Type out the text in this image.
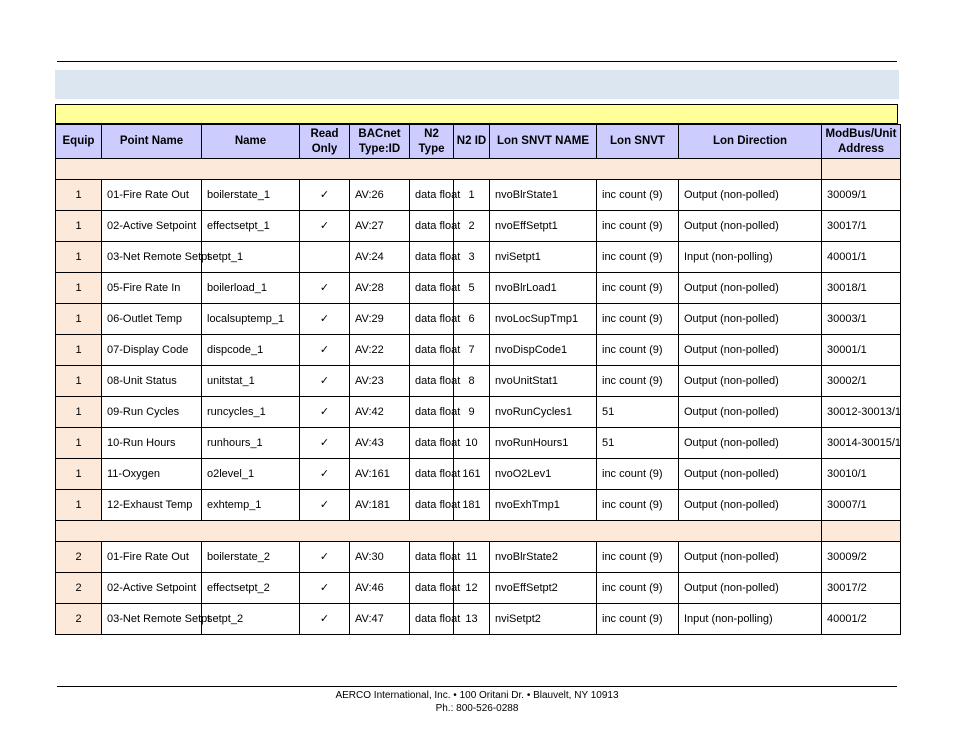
Equip	Point Name	Name	Read Only	BACnet Type:ID	N2 Type	N2 ID	Lon SNVT NAME	Lon SNVT	Lon Direction	ModBus/Unit Address

1	01-Fire Rate Out	boilerstate_1	✓	AV:26	data float	1	nvoBlrState1	inc count (9)	Output (non-polled)	30009/1
1	02-Active Setpoint	effectsetpt_1	✓	AV:27	data float	2	nvoEffSetpt1	inc count (9)	Output (non-polled)	30017/1
1	03-Net Remote Setpt	setpt_1		AV:24	data float	3	nviSetpt1	inc count (9)	Input (non-polling)	40001/1
1	05-Fire Rate In	boilerload_1	✓	AV:28	data float	5	nvoBlrLoad1	inc count (9)	Output (non-polled)	30018/1
1	06-Outlet Temp	localsuptemp_1	✓	AV:29	data float	6	nvoLocSupTmp1	inc count (9)	Output (non-polled)	30003/1
1	07-Display Code	dispcode_1	✓	AV:22	data float	7	nvoDispCode1	inc count (9)	Output (non-polled)	30001/1
1	08-Unit Status	unitstat_1	✓	AV:23	data float	8	nvoUnitStat1	inc count (9)	Output (non-polled)	30002/1
1	09-Run Cycles	runcycles_1	✓	AV:42	data float	9	nvoRunCycles1	51	Output (non-polled)	30012-30013/1
1	10-Run Hours	runhours_1	✓	AV:43	data float	10	nvoRunHours1	51	Output (non-polled)	30014-30015/1
1	11-Oxygen	o2level_1	✓	AV:161	data float	161	nvoO2Lev1	inc count (9)	Output (non-polled)	30010/1
1	12-Exhaust Temp	exhtemp_1	✓	AV:181	data float	181	nvoExhTmp1	inc count (9)	Output (non-polled)	30007/1

2	01-Fire Rate Out	boilerstate_2	✓	AV:30	data float	11	nvoBlrState2	inc count (9)	Output (non-polled)	30009/2
2	02-Active Setpoint	effectsetpt_2	✓	AV:46	data float	12	nvoEffSetpt2	inc count (9)	Output (non-polled)	30017/2
2	03-Net Remote Setpt	setpt_2	✓	AV:47	data float	13	nviSetpt2	inc count (9)	Input (non-polling)	40001/2
AERCO International, Inc. • 100 Oritani Dr. • Blauvelt, NY 10913
Ph.: 800-526-0288
